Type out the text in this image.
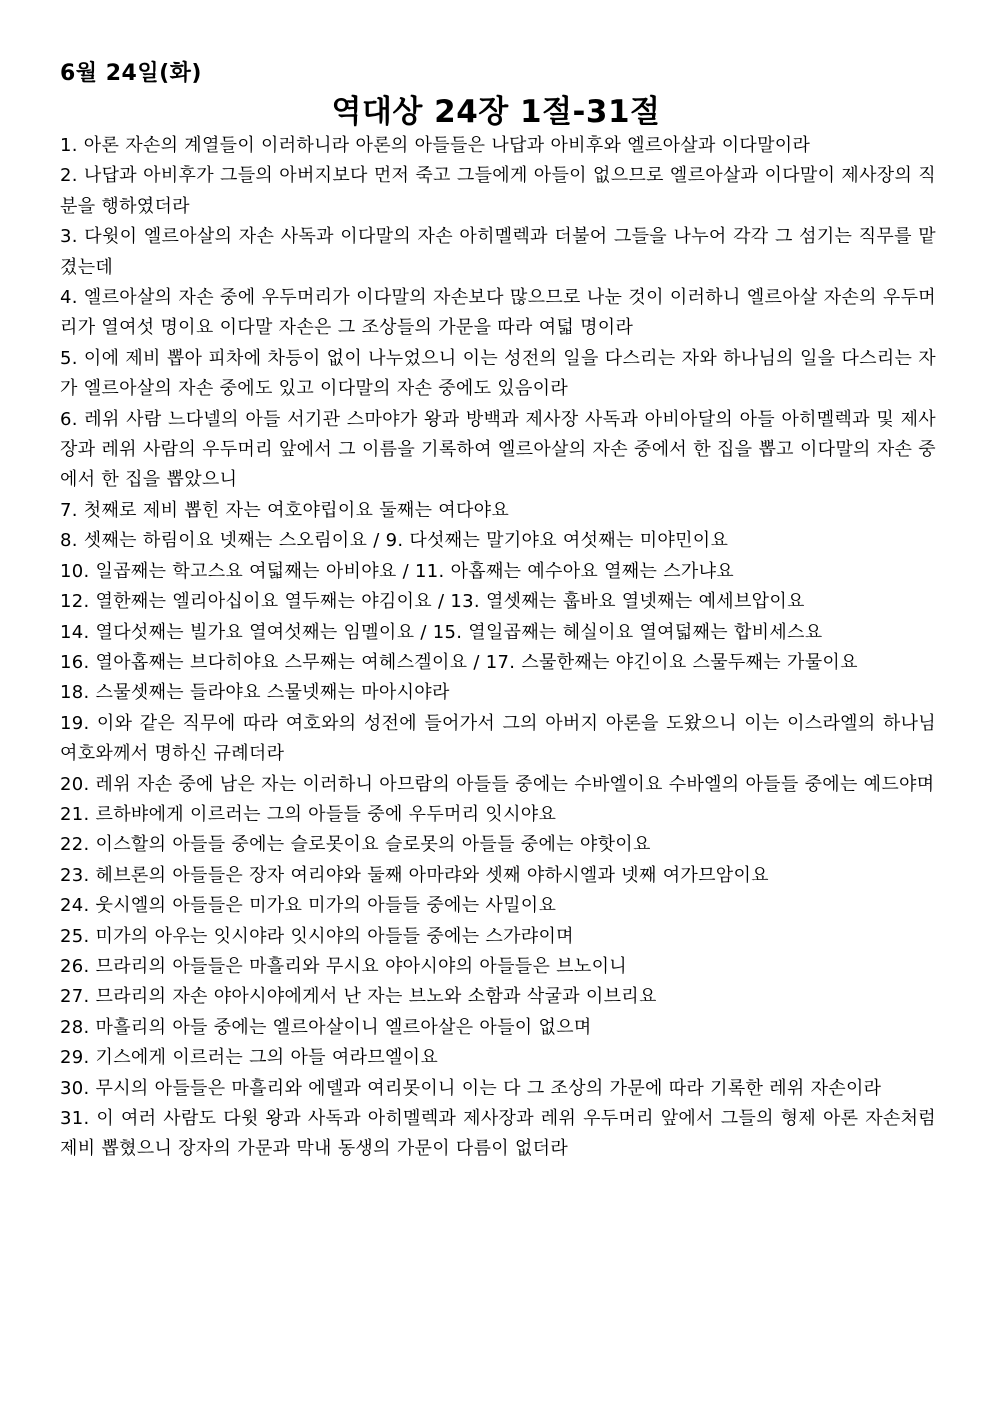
6월 24일(화)
역대상 24장 1절-31절

1. 아론 자손의 계열들이 이러하니라 아론의 아들들은 나답과 아비후와 엘르아살과 이다말이라

2. 나답과 아비후가 그들의 아버지보다 먼저 죽고 그들에게 아들이 없으므로 엘르아살과 이다말이 제사장의 직분을 행하였더라

3. 다윗이 엘르아살의 자손 사독과 이다말의 자손 아히멜렉과 더불어 그들을 나누어 각각 그 섬기는 직무를 맡겼는데

4. 엘르아살의 자손 중에 우두머리가 이다말의 자손보다 많으므로 나눈 것이 이러하니 엘르아살 자손의 우두머리가 열여섯 명이요 이다말 자손은 그 조상들의 가문을 따라 여덟 명이라

5. 이에 제비 뽑아 피차에 차등이 없이 나누었으니 이는 성전의 일을 다스리는 자와 하나님의 일을 다스리는 자가 엘르아살의 자손 중에도 있고 이다말의 자손 중에도 있음이라

6. 레위 사람 느다넬의 아들 서기관 스마야가 왕과 방백과 제사장 사독과 아비아달의 아들 아히멜렉과 및 제사장과 레위 사람의 우두머리 앞에서 그 이름을 기록하여 엘르아살의 자손 중에서 한 집을 뽑고 이다말의 자손 중에서 한 집을 뽑았으니

7. 첫째로 제비 뽑힌 자는 여호야립이요 둘째는 여다야요

8. 셋째는 하림이요 넷째는 스오림이요 / 9. 다섯째는 말기야요 여섯째는 미야민이요

10. 일곱째는 학고스요 여덟째는 아비야요 / 11. 아홉째는 예수아요 열째는 스가냐요

12. 열한째는 엘리아십이요 열두째는 야김이요 / 13. 열셋째는 훕바요 열넷째는 예세브압이요

14. 열다섯째는 빌가요 열여섯째는 임멜이요 / 15. 열일곱째는 헤실이요 열여덟째는 합비세스요

16. 열아홉째는 브다히야요 스무째는 여헤스겔이요 / 17. 스물한째는 야긴이요 스물두째는 가물이요

18. 스물셋째는 들라야요 스물넷째는 마아시야라

19. 이와 같은 직무에 따라 여호와의 성전에 들어가서 그의 아버지 아론을 도왔으니 이는 이스라엘의 하나님 여호와께서 명하신 규례더라

20. 레위 자손 중에 남은 자는 이러하니 아므람의 아들들 중에는 수바엘이요 수바엘의 아들들 중에는 예드야며

21. 르하뱌에게 이르러는 그의 아들들 중에 우두머리 잇시야요

22. 이스할의 아들들 중에는 슬로못이요 슬로못의 아들들 중에는 야핫이요

23. 헤브론의 아들들은 장자 여리야와 둘째 아마랴와 셋째 야하시엘과 넷째 여가므암이요

24. 웃시엘의 아들들은 미가요 미가의 아들들 중에는 사밀이요

25. 미가의 아우는 잇시야라 잇시야의 아들들 중에는 스가랴이며

26. 므라리의 아들들은 마흘리와 무시요 야아시야의 아들들은 브노이니

27. 므라리의 자손 야아시야에게서 난 자는 브노와 소함과 삭굴과 이브리요

28. 마흘리의 아들 중에는 엘르아살이니 엘르아살은 아들이 없으며

29. 기스에게 이르러는 그의 아들 여라므엘이요

30. 무시의 아들들은 마흘리와 에델과 여리못이니 이는 다 그 조상의 가문에 따라 기록한 레위 자손이라

31. 이 여러 사람도 다윗 왕과 사독과 아히멜렉과 제사장과 레위 우두머리 앞에서 그들의 형제 아론 자손처럼 제비 뽑혔으니 장자의 가문과 막내 동생의 가문이 다름이 없더라
